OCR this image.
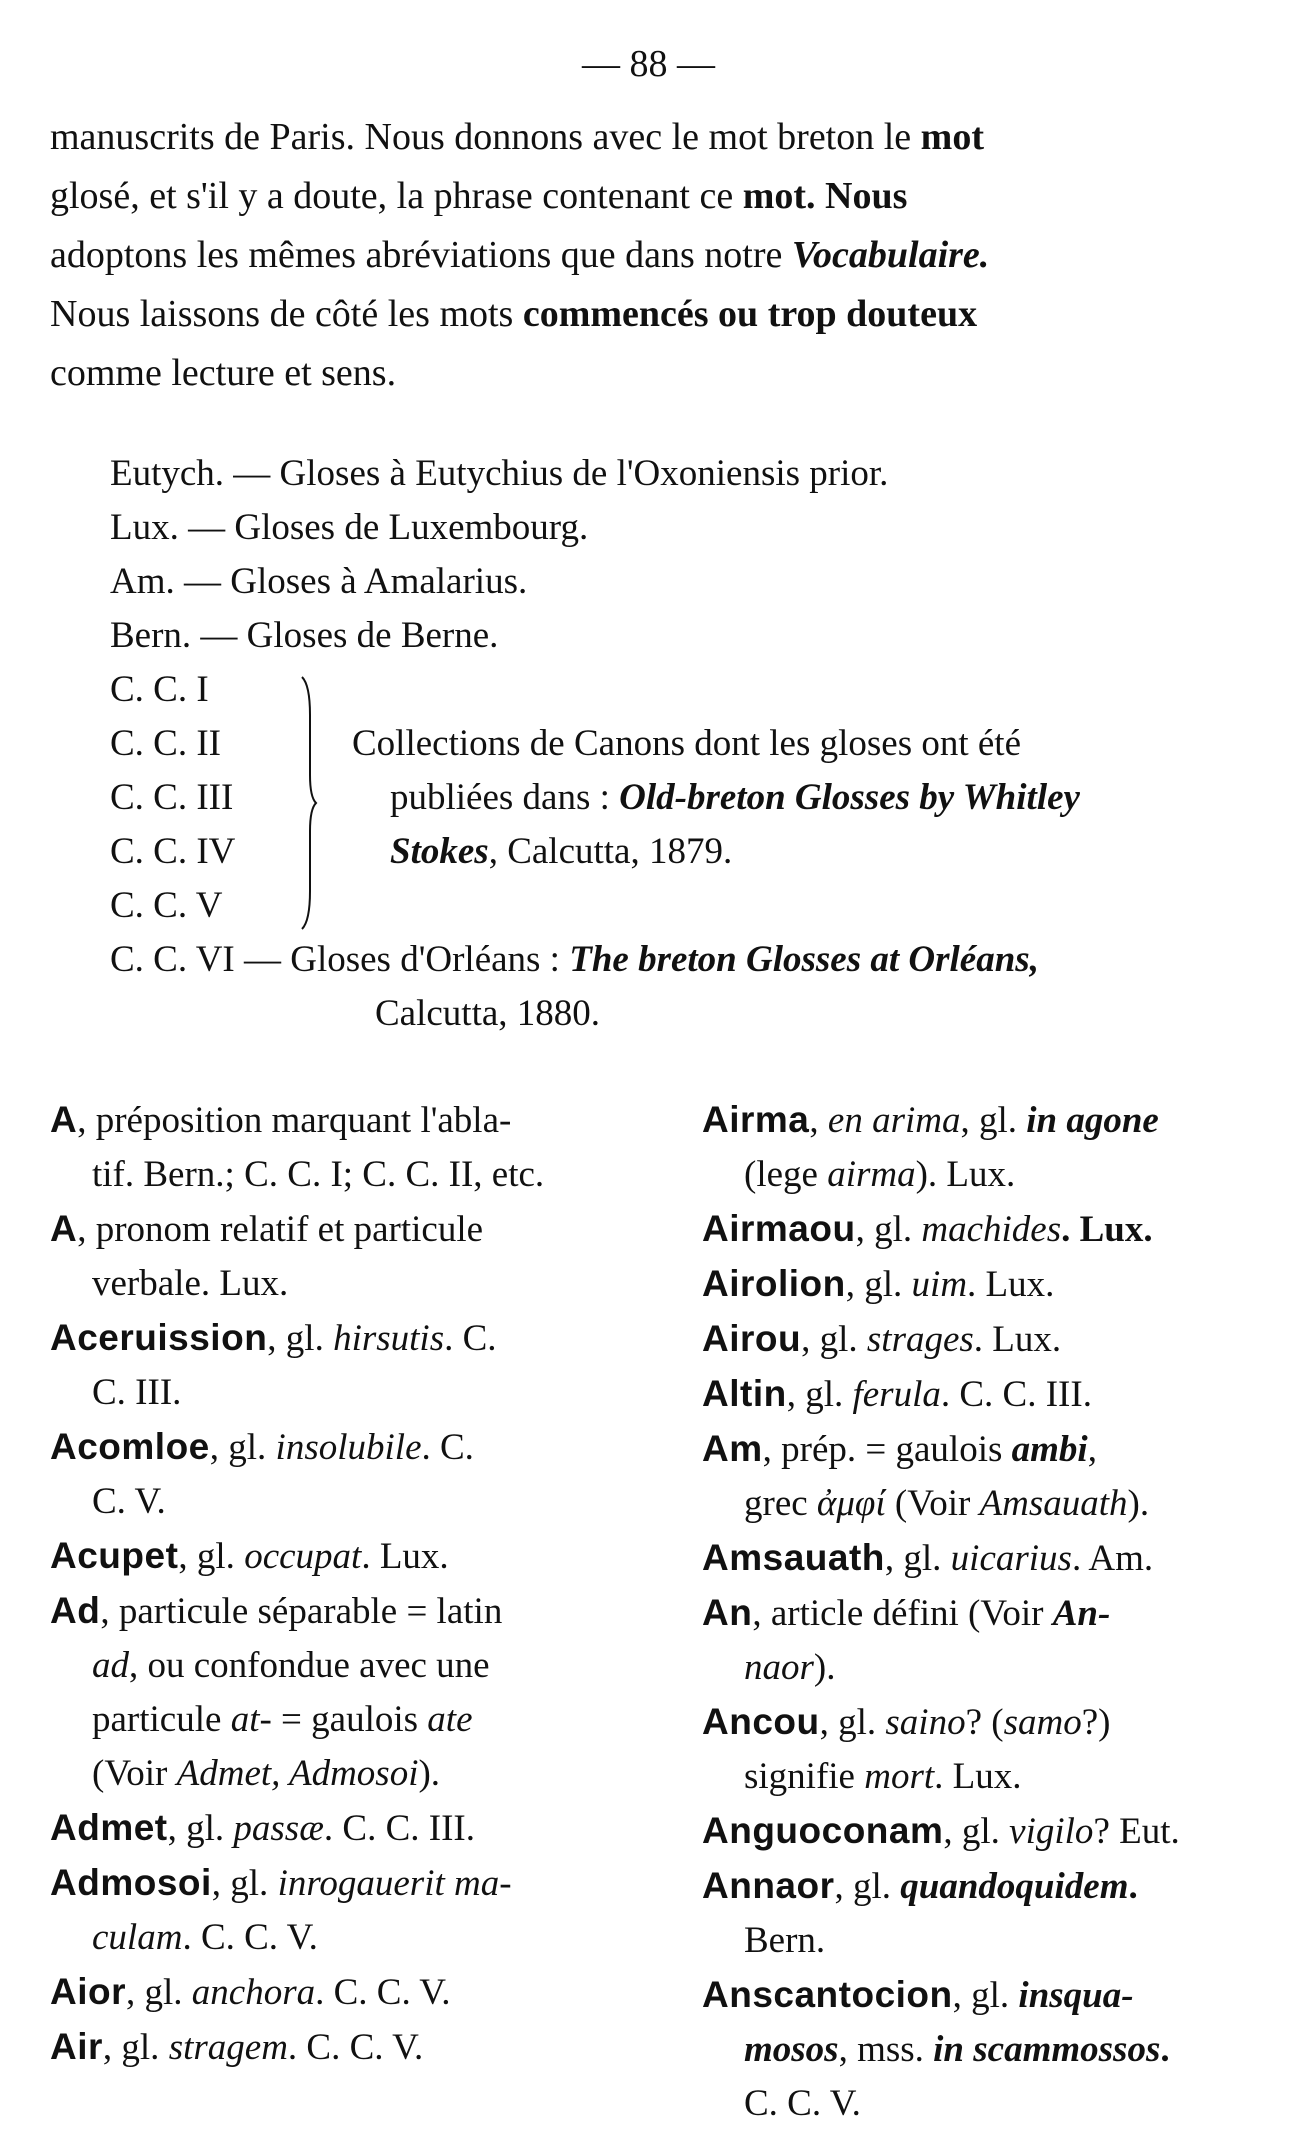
— 88 —
manuscrits de Paris. Nous donnons avec le mot breton le mot
glosé, et s'il y a doute, la phrase contenant ce mot. Nous
adoptons les mêmes abréviations que dans notre Vocabulaire.
Nous laissons de côté les mots commencés ou trop douteux
comme lecture et sens.
Eutych. — Gloses à Eutychius de l'Oxoniensis prior.
Lux. — Gloses de Luxembourg.
Am. — Gloses à Amalarius.
Bern. — Gloses de Berne.
C. C. I
C. C. II
C. C. III
C. C. IV
C. C. V
Collections de Canons dont les gloses ont été
publiées dans : Old-breton Glosses by Whitley
Stokes, Calcutta, 1879.
C. C. VI — Gloses d'Orléans : The breton Glosses at Orléans,
Calcutta, 1880.
A, préposition marquant l'abla-
tif. Bern.; C. C. I; C. C. II, etc.
A, pronom relatif et particule
verbale. Lux.
Aceruission, gl. hirsutis. C.
C. III.
Acomloe, gl. insolubile. C.
C. V.
Acupet, gl. occupat. Lux.
Ad, particule séparable = latin
ad, ou confondue avec une
particule at- = gaulois ate
(Voir Admet, Admosoi).
Admet, gl. passæ. C. C. III.
Admosoi, gl. inrogauerit ma-
culam. C. C. V.
Aior, gl. anchora. C. C. V.
Air, gl. stragem. C. C. V.
Airma, en arima, gl. in agone
(lege airma). Lux.
Airmaou, gl. machides. Lux.
Airolion, gl. uim. Lux.
Airou, gl. strages. Lux.
Altin, gl. ferula. C. C. III.
Am, prép. = gaulois ambi,
grec ἀμφί (Voir Amsauath).
Amsauath, gl. uicarius. Am.
An, article défini (Voir An-
naor).
Ancou, gl. saino? (samo?)
signifie mort. Lux.
Anguoconam, gl. vigilo? Eut.
Annaor, gl. quandoquidem.
Bern.
Anscantocion, gl. insqua-
mosos, mss. in scammossos.
C. C. V.
